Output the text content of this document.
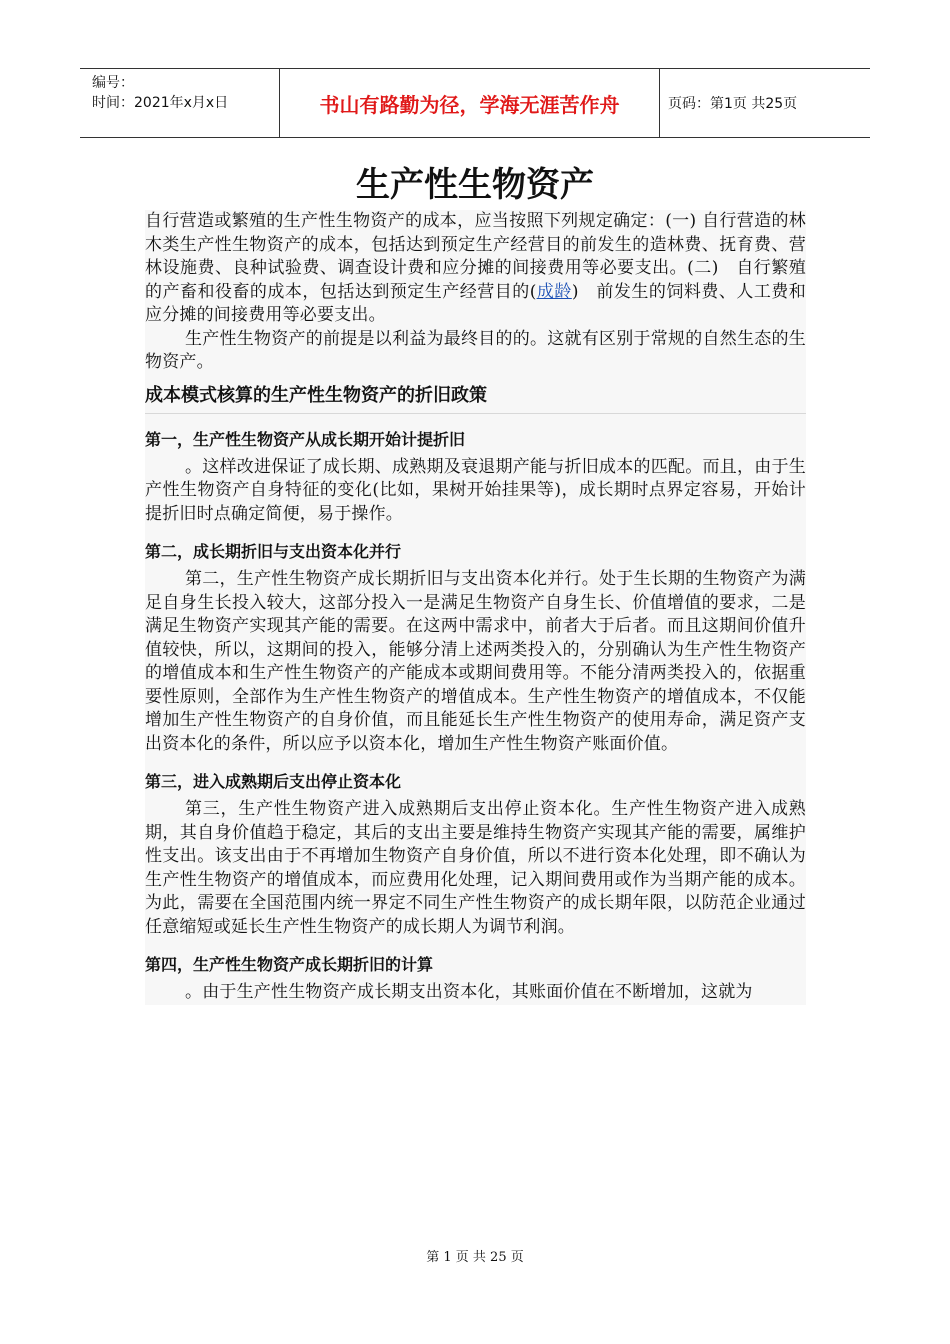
编号：
时间：2021年x月x日	书山有路勤为径，学海无涯苦作舟	页码：第1页 共25页
生产性生物资产

自行营造或繁殖的生产性生物资产的成本，应当按照下列规定确定：(一) 自行营造的林木类生产性生物资产的成本，包括达到预定生产经营目的前发生的造林费、抚育费、营林设施费、良种试验费、调查设计费和应分摊的间接费用等必要支出。(二)　自行繁殖的产畜和役畜的成本，包括达到预定生产经营目的(成龄)　前发生的饲料费、人工费和应分摊的间接费用等必要支出。

生产性生物资产的前提是以利益为最终目的的。这就有区别于常规的自然生态的生物资产。

成本模式核算的生产性生物资产的折旧政策
第一，生产性生物资产从成长期开始计提折旧

。这样改进保证了成长期、成熟期及衰退期产能与折旧成本的匹配。而且，由于生产性生物资产自身特征的变化(比如，果树开始挂果等)，成长期时点界定容易，开始计提折旧时点确定简便，易于操作。

第二，成长期折旧与支出资本化并行

第二，生产性生物资产成长期折旧与支出资本化并行。处于生长期的生物资产为满足自身生长投入较大，这部分投入一是满足生物资产自身生长、价值增值的要求，二是满足生物资产实现其产能的需要。在这两中需求中，前者大于后者。而且这期间价值升值较快，所以，这期间的投入，能够分清上述两类投入的，分别确认为生产性生物资产的增值成本和生产性生物资产的产能成本或期间费用等。不能分清两类投入的，依据重要性原则，全部作为生产性生物资产的增值成本。生产性生物资产的增值成本，不仅能增加生产性生物资产的自身价值，而且能延长生产性生物资产的使用寿命，满足资产支出资本化的条件，所以应予以资本化，增加生产性生物资产账面价值。

第三，进入成熟期后支出停止资本化

第三，生产性生物资产进入成熟期后支出停止资本化。生产性生物资产进入成熟期，其自身价值趋于稳定，其后的支出主要是维持生物资产实现其产能的需要，属维护性支出。该支出由于不再增加生物资产自身价值，所以不进行资本化处理，即不确认为生产性生物资产的增值成本，而应费用化处理，记入期间费用或作为当期产能的成本。为此，需要在全国范围内统一界定不同生产性生物资产的成长期年限，以防范企业通过任意缩短或延长生产性生物资产的成长期人为调节利润。

第四，生产性生物资产成长期折旧的计算

。由于生产性生物资产成长期支出资本化，其账面价值在不断增加，这就为

第 1 页 共 25 页
